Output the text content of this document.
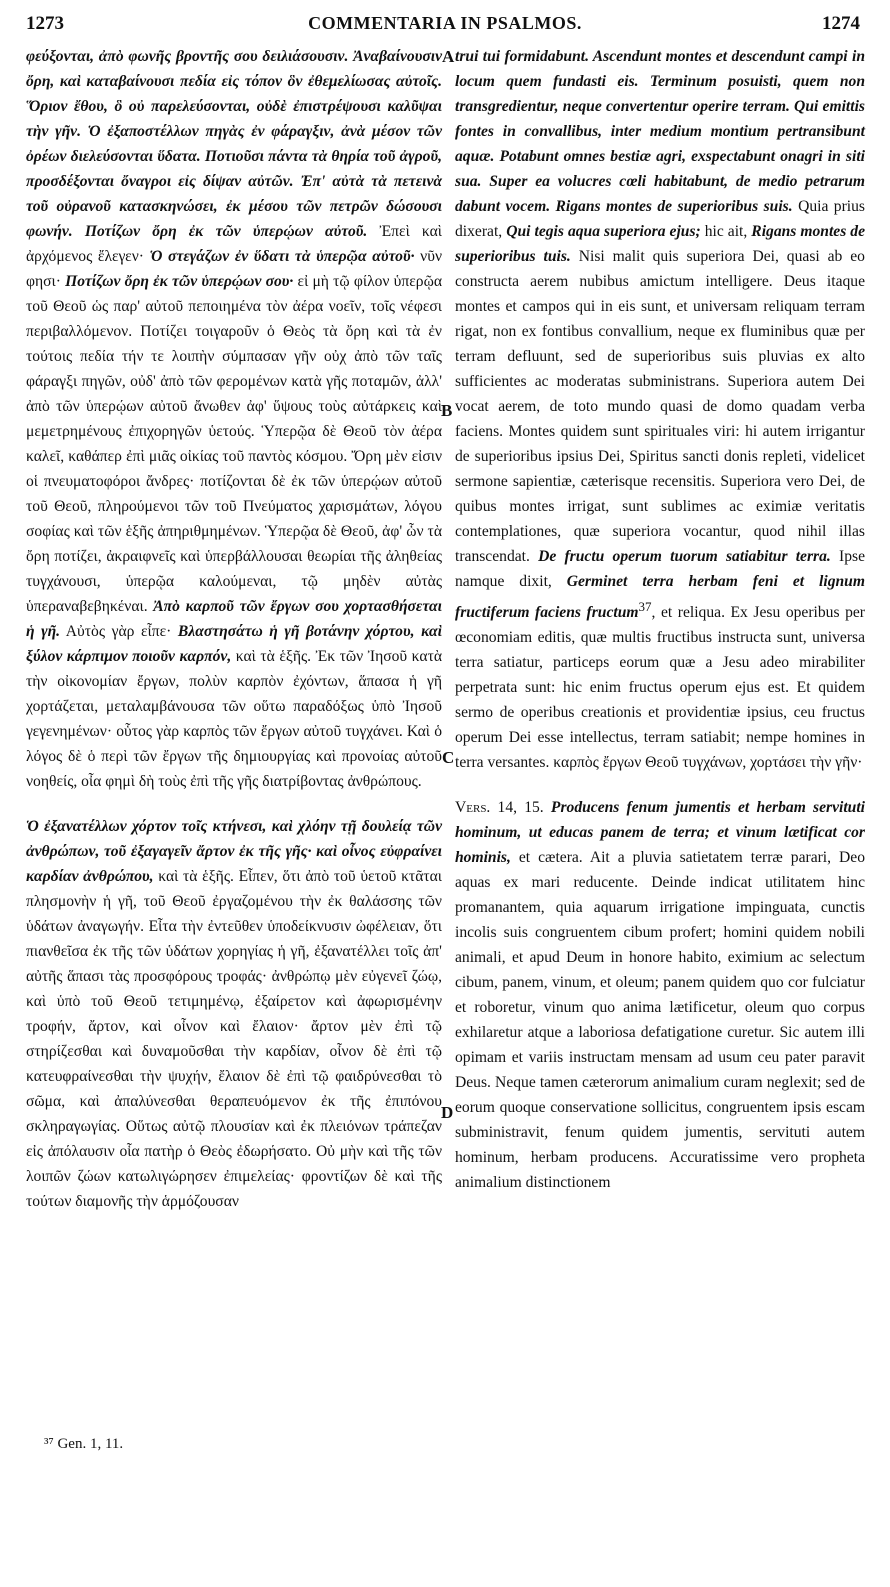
1273	COMMENTARIA IN PSALMOS.	1274
A
B
C
D

φεύξονται, ἀπὸ φωνῆς βροντῆς σου δειλιάσουσιν. Ἀναβαίνουσιν ὄρη, καὶ καταβαίνουσι πεδία εἰς τόπον ὃν ἐθεμελίωσας αὐτοῖς. Ὅριον ἔθου, ὃ οὐ παρελεύσονται, οὐδὲ ἐπιστρέψουσι καλῦψαι τὴν γῆν. Ὁ ἐξαποστέλλων πηγὰς ἐν φάραγξιν, ἀνὰ μέσον τῶν ὀρέων διελεύσονται ὕδατα. Ποτιοῦσι πάντα τὰ θηρία τοῦ ἀγροῦ, προσδέξονται ὄναγροι εἰς δίψαν αὐτῶν. Ἐπ' αὐτὰ τὰ πετεινὰ τοῦ οὐρανοῦ κατασκηνώσει, ἐκ μέσου τῶν πετρῶν δώσουσι φωνήν. Ποτίζων ὄρη ἐκ τῶν ὑπερῴων αὐτοῦ. Ἐπεὶ καὶ ἀρχόμενος ἔλεγεν· Ὁ στεγάζων ἐν ὕδατι τὰ ὑπερῷα αὐτοῦ· νῦν φησι· Ποτίζων ὄρη ἐκ τῶν ὑπερῴων σου· εἰ μὴ τῷ φίλον ὑπερῷα τοῦ Θεοῦ ὡς παρ' αὐτοῦ πεποιημένα τὸν ἀέρα νοεῖν, τοῖς νέφεσι περιβαλλόμενον. Ποτίζει τοιγαροῦν ὁ Θεὸς τὰ ὄρη καὶ τὰ ἐν τούτοις πεδία τήν τε λοιπὴν σύμπασαν γῆν οὐχ ἀπὸ τῶν ταῖς φάραγξι πηγῶν, οὐδ' ἀπὸ τῶν φερομένων κατὰ γῆς ποταμῶν, ἀλλ' ἀπὸ τῶν ὑπερῴων αὐτοῦ ἄνωθεν ἀφ' ὕψους τοὺς αὐτάρκεις καὶ μεμετρημένους ἐπιχορηγῶν ὑετούς. Ὑπερῷα δὲ Θεοῦ τὸν ἀέρα καλεῖ, καθάπερ ἐπὶ μιᾶς οἰκίας τοῦ παντὸς κόσμου. Ὄρη μὲν εἰσιν οἱ πνευματοφόροι ἄνδρες· ποτίζονται δὲ ἐκ τῶν ὑπερῴων αὐτοῦ τοῦ Θεοῦ, πληρούμενοι τῶν τοῦ Πνεύματος χαρισμάτων, λόγου σοφίας καὶ τῶν ἑξῆς ἀπηριθμημένων. Ὑπερῷα δὲ Θεοῦ, ἀφ' ὧν τὰ ὄρη ποτίζει, ἀκραιφνεῖς καὶ ὑπερβάλλουσαι θεωρίαι τῆς ἀληθείας τυγχάνουσι, ὑπερῷα καλούμεναι, τῷ μηδὲν αὐτὰς ὑπεραναβεβηκέναι. Ἀπὸ καρποῦ τῶν ἔργων σου χορτασθήσεται ἡ γῆ. Αὐτὸς γὰρ εἶπε· Βλαστησάτω ἡ γῆ βοτάνην χόρτου, καὶ ξύλον κάρπιμον ποιοῦν καρπόν, καὶ τὰ ἑξῆς. Ἐκ τῶν Ἰησοῦ κατὰ τὴν οἰκονομίαν ἔργων, πολὺν καρπὸν ἐχόντων, ἅπασα ἡ γῆ χορτάζεται, μεταλαμβάνουσα τῶν οὕτω παραδόξως ὑπὸ Ἰησοῦ γεγενημένων· οὗτος γὰρ καρπὸς τῶν ἔργων αὐτοῦ τυγχάνει. Καὶ ὁ λόγος δὲ ὁ περὶ τῶν ἔργων τῆς δημιουργίας καὶ προνοίας αὐτοῦ νοηθείς, οἶα φημὶ δὴ τοὺς ἐπὶ τῆς γῆς διατρίβοντας ἀνθρώπους.

Ὁ ἐξανατέλλων χόρτον τοῖς κτήνεσι, καὶ χλόην τῇ δουλείᾳ τῶν ἀνθρώπων, τοῦ ἐξαγαγεῖν ἄρτον ἐκ τῆς γῆς· καὶ οἶνος εὐφραίνει καρδίαν ἀνθρώπου, καὶ τὰ ἑξῆς. Εἶπεν, ὅτι ἀπὸ τοῦ ὑετοῦ κτᾶται πλησμονὴν ἡ γῆ, τοῦ Θεοῦ ἐργαζομένου τὴν ἐκ θαλάσσης τῶν ὑδάτων ἀναγωγήν. Εἶτα τὴν ἐντεῦθεν ὑποδείκνυσιν ὠφέλειαν, ὅτι πιανθεῖσα ἐκ τῆς τῶν ὑδάτων χορηγίας ἡ γῆ, ἐξανατέλλει τοῖς ἀπ' αὐτῆς ἅπασι τὰς προσφόρους τροφάς· ἀνθρώπῳ μὲν εὐγενεῖ ζώῳ, καὶ ὑπὸ τοῦ Θεοῦ τετιμημένῳ, ἐξαίρετον καὶ ἀφωρισμένην τροφήν, ἄρτον, καὶ οἶνον καὶ ἔλαιον· ἄρτον μὲν ἐπὶ τῷ στηρίζεσθαι καὶ δυναμοῦσθαι τὴν καρδίαν, οἶνον δὲ ἐπὶ τῷ κατευφραίνεσθαι τὴν ψυχήν, ἔλαιον δὲ ἐπὶ τῷ φαιδρύνεσθαι τὸ σῶμα, καὶ ἀπαλύνεσθαι θεραπευόμενον ἐκ τῆς ἐπιπόνου σκληραγωγίας. Οὕτως αὐτῷ πλουσίαν καὶ ἐκ πλειόνων τράπεζαν εἰς ἀπόλαυσιν οἷα πατὴρ ὁ Θεὸς ἐδωρήσατο. Οὐ μὴν καὶ τῆς τῶν λοιπῶν ζώων κατωλιγώρησεν ἐπιμελείας· φροντίζων δὲ καὶ τῆς τούτων διαμονῆς τὴν ἁρμόζουσαν

trui tui formidabunt. Ascendunt montes et descendunt campi in locum quem fundasti eis. Terminum posuisti, quem non transgredientur, neque convertentur operire terram. Qui emittis fontes in convallibus, inter medium montium pertransibunt aquæ. Potabunt omnes bestiæ agri, exspectabunt onagri in siti sua. Super ea volucres cœli habitabunt, de medio petrarum dabunt vocem. Rigans montes de superioribus suis. Quia prius dixerat, Qui tegis aqua superiora ejus; hic ait, Rigans montes de superioribus tuis. Nisi malit quis superiora Dei, quasi ab eo constructa aerem nubibus amictum intelligere. Deus itaque montes et campos qui in eis sunt, et universam reliquam terram rigat, non ex fontibus convallium, neque ex fluminibus quæ per terram defluunt, sed de superioribus suis pluvias ex alto sufficientes ac moderatas subministrans. Superiora autem Dei vocat aerem, de toto mundo quasi de domo quadam verba faciens. Montes quidem sunt spirituales viri: hi autem irrigantur de superioribus ipsius Dei, Spiritus sancti donis repleti, videlicet sermone sapientiæ, cæterisque recensitis. Superiora vero Dei, de quibus montes irrigat, sunt sublimes ac eximiæ veritatis contemplationes, quæ superiora vocantur, quod nihil illas transcendat. De fructu operum tuorum satiabitur terra. Ipse namque dixit, Germinet terra herbam feni et lignum fructiferum faciens fructum$^{37}$, et reliqua. Ex Jesu operibus per œconomiam editis, quæ multis fructibus instructa sunt, universa terra satiatur, particeps eorum quæ a Jesu adeo mirabiliter perpetrata sunt: hic enim fructus operum ejus est. Et quidem sermo de operibus creationis et providentiæ ipsius, ceu fructus operum Dei esse intellectus, terram satiabit; nempe homines in terra versantes. καρπὸς ἔργων Θεοῦ τυγχάνων, χορτάσει τὴν γῆν·

Vers. 14, 15. Producens fenum jumentis et herbam servituti hominum, ut educas panem de terra; et vinum lætificat cor hominis, et cætera. Ait a pluvia satietatem terræ parari, Deo aquas ex mari reducente. Deinde indicat utilitatem hinc promanantem, quia aquarum irrigatione impinguata, cunctis incolis suis congruentem cibum profert; homini quidem nobili animali, et apud Deum in honore habito, eximium ac selectum cibum, panem, vinum, et oleum; panem quidem quo cor fulciatur et roboretur, vinum quo anima lætificetur, oleum quo corpus exhilaretur atque a laboriosa defatigatione curetur. Sic autem illi opimam et variis instructam mensam ad usum ceu pater paravit Deus. Neque tamen cæterorum animalium curam neglexit; sed de eorum quoque conservatione sollicitus, congruentem ipsis escam subministravit, fenum quidem jumentis, servituti autem hominum, herbam producens. Accuratissime vero propheta animalium distinctionem

³⁷ Gen. 1, 11.
